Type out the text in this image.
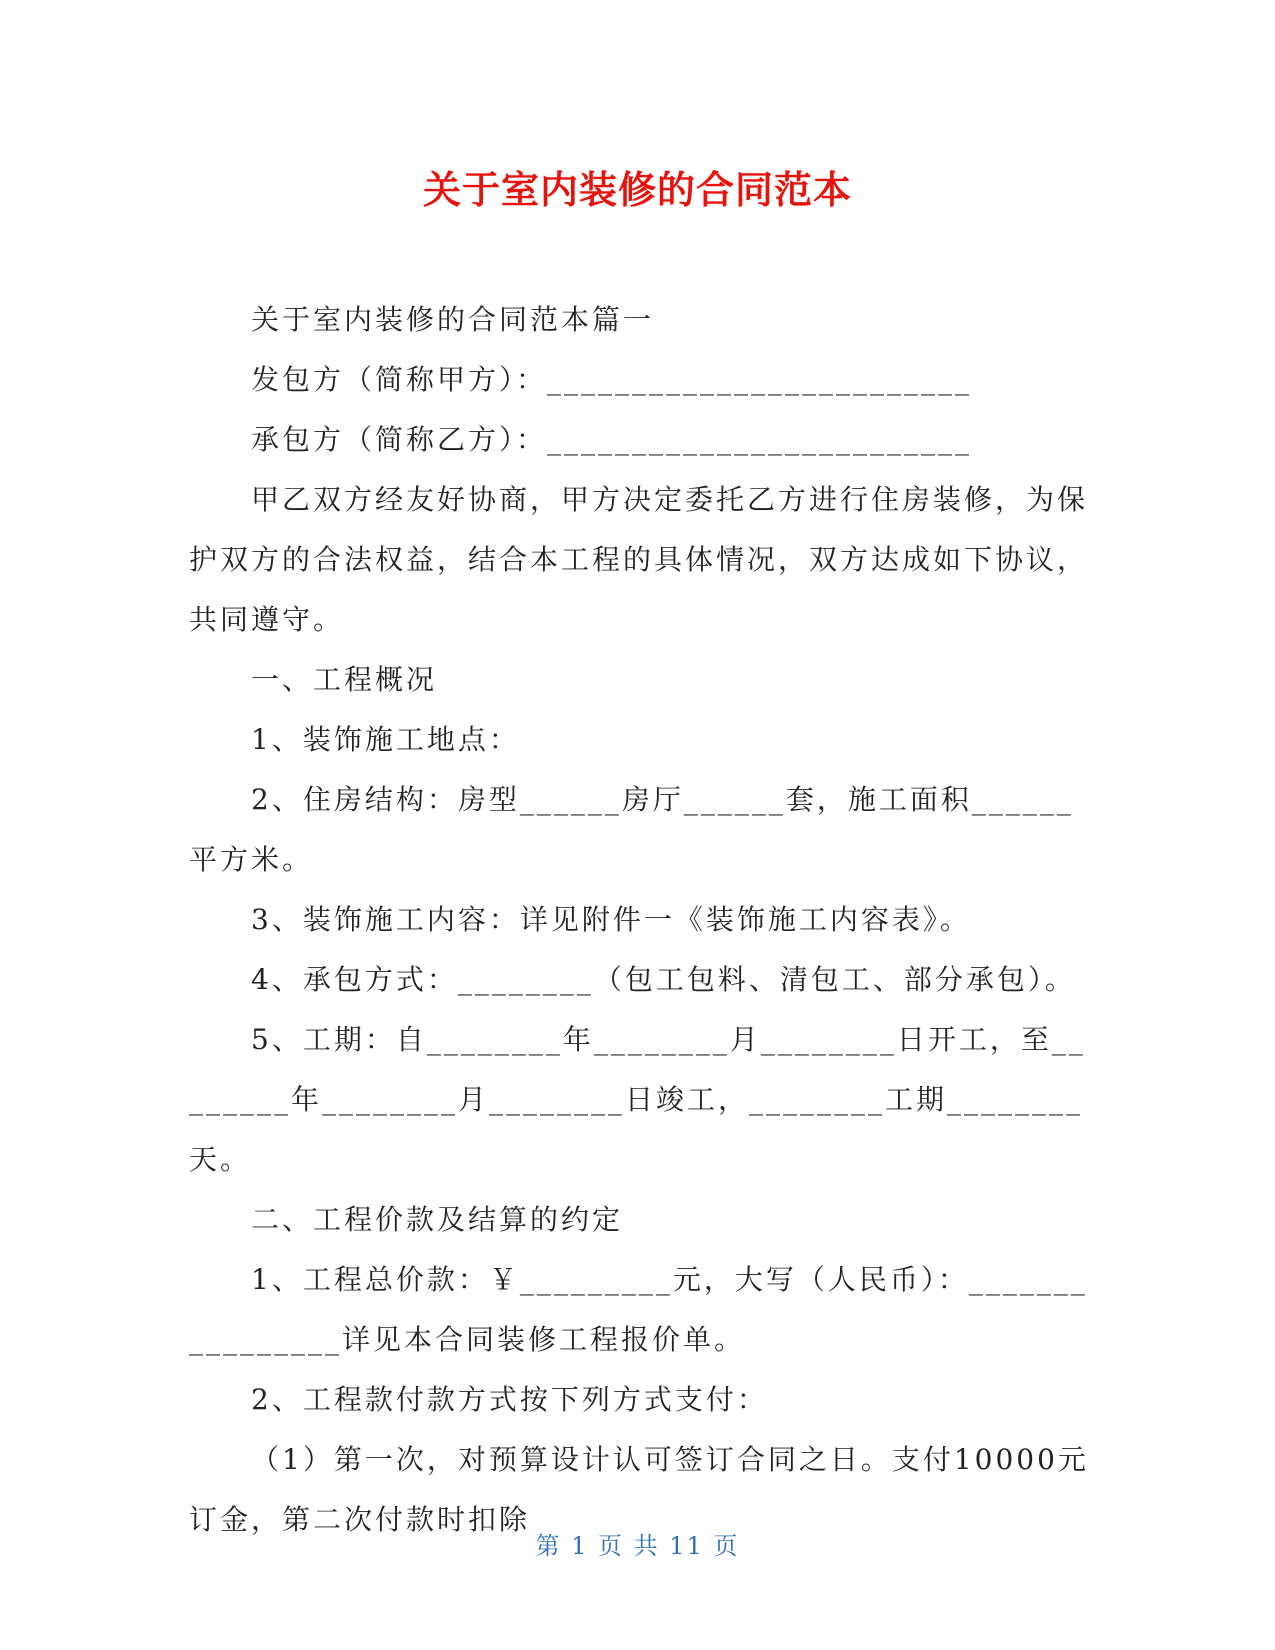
关于室内装修的合同范本

关于室内装修的合同范本篇一

发包方（简称甲方）：_________________________

承包方（简称乙方）：_________________________

甲乙双方经友好协商，甲方决定委托乙方进行住房装修，为保护双方的合法权益，结合本工程的具体情况，双方达成如下协议，共同遵守。

一、工程概况

1、装饰施工地点：

2、住房结构：房型______房厅______套，施工面积______平方米。

3、装饰施工内容：详见附件一《装饰施工内容表》。

4、承包方式：________（包工包料、清包工、部分承包）。

5、工期：自________年________月________日开工，至________年________月________日竣工，________工期________天。

二、工程价款及结算的约定

1、工程总价款：￥_________元，大写（人民币）：________________详见本合同装修工程报价单。

2、工程款付款方式按下列方式支付：

（1）第一次，对预算设计认可签订合同之日。支付10000元订金，第二次付款时扣除

第 1 页 共 11 页
